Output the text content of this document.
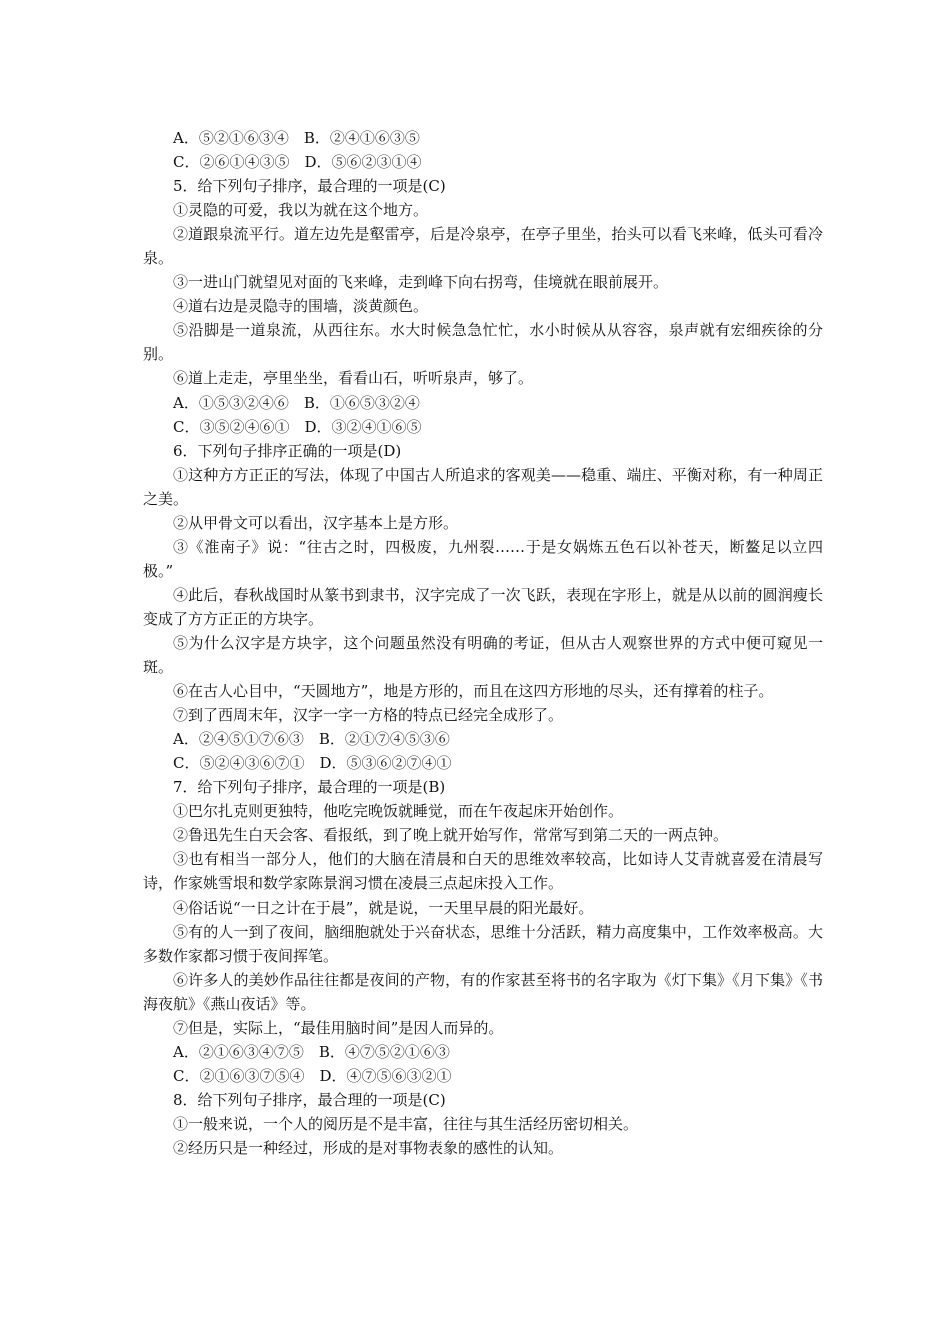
A．⑤②①⑥③④　B．②④①⑥③⑤

C．②⑥①④③⑤　D．⑤⑥②③①④

5．给下列句子排序，最合理的一项是(C)

①灵隐的可爱，我以为就在这个地方。

②道跟泉流平行。道左边先是壑雷亭，后是冷泉亭，在亭子里坐，抬头可以看飞来峰，低头可看冷泉。

③一进山门就望见对面的飞来峰，走到峰下向右拐弯，佳境就在眼前展开。

④道右边是灵隐寺的围墙，淡黄颜色。

⑤沿脚是一道泉流，从西往东。水大时候急急忙忙，水小时候从从容容，泉声就有宏细疾徐的分别。

⑥道上走走，亭里坐坐，看看山石，听听泉声，够了。

A．①⑤③②④⑥　B．①⑥⑤③②④

C．③⑤②④⑥①　D．③②④①⑥⑤

6．下列句子排序正确的一项是(D)

①这种方方正正的写法，体现了中国古人所追求的客观美——稳重、端庄、平衡对称，有一种周正之美。

②从甲骨文可以看出，汉字基本上是方形。

③《淮南子》说：“往古之时，四极废，九州裂……于是女娲炼五色石以补苍天，断鳌足以立四极。”

④此后，春秋战国时从篆书到隶书，汉字完成了一次飞跃，表现在字形上，就是从以前的圆润瘦长变成了方方正正的方块字。

⑤为什么汉字是方块字，这个问题虽然没有明确的考证，但从古人观察世界的方式中便可窥见一斑。

⑥在古人心目中，“天圆地方”，地是方形的，而且在这四方形地的尽头，还有撑着的柱子。

⑦到了西周末年，汉字一字一方格的特点已经完全成形了。

A．②④⑤①⑦⑥③　B．②①⑦④⑤③⑥

C．⑤②④③⑥⑦①　D．⑤③⑥②⑦④①

7．给下列句子排序，最合理的一项是(B)

①巴尔扎克则更独特，他吃完晚饭就睡觉，而在午夜起床开始创作。

②鲁迅先生白天会客、看报纸，到了晚上就开始写作，常常写到第二天的一两点钟。

③也有相当一部分人，他们的大脑在清晨和白天的思维效率较高，比如诗人艾青就喜爱在清晨写诗，作家姚雪垠和数学家陈景润习惯在凌晨三点起床投入工作。

④俗话说“一日之计在于晨”，就是说，一天里早晨的阳光最好。

⑤有的人一到了夜间，脑细胞就处于兴奋状态，思维十分活跃，精力高度集中，工作效率极高。大多数作家都习惯于夜间挥笔。

⑥许多人的美妙作品往往都是夜间的产物，有的作家甚至将书的名字取为《灯下集》《月下集》《书海夜航》《燕山夜话》等。

⑦但是，实际上，“最佳用脑时间”是因人而异的。

A．②①⑥③④⑦⑤　B．④⑦⑤②①⑥③

C．②①⑥③⑦⑤④　D．④⑦⑤⑥③②①

8．给下列句子排序，最合理的一项是(C)

①一般来说，一个人的阅历是不是丰富，往往与其生活经历密切相关。

②经历只是一种经过，形成的是对事物表象的感性的认知。
